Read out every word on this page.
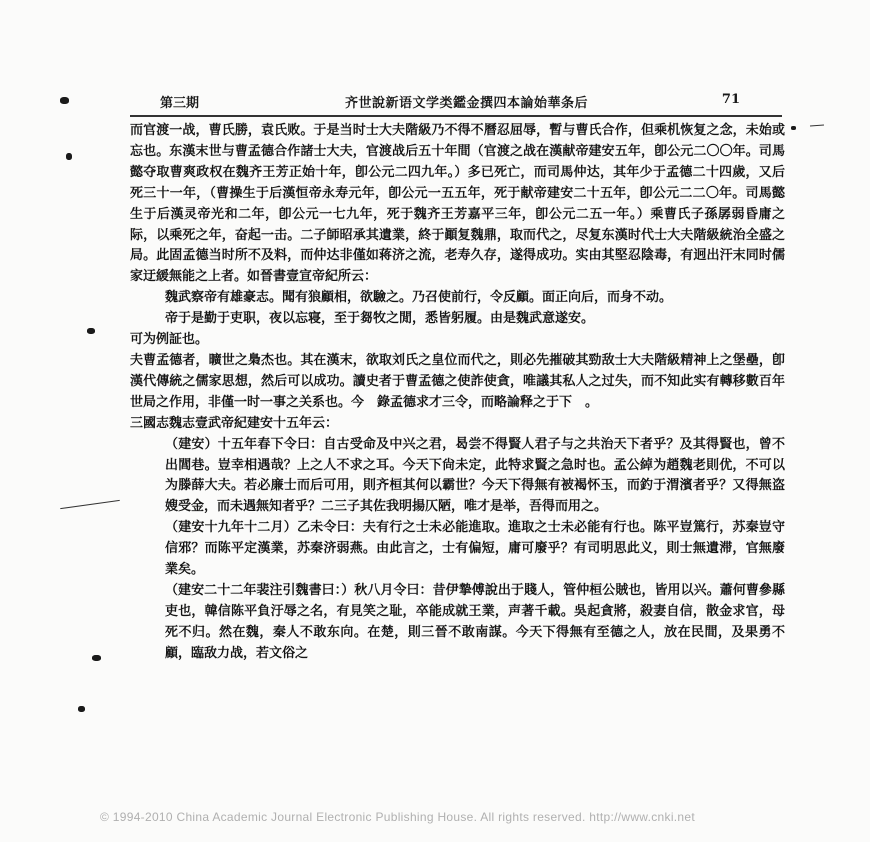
第三期	齐世說新语文学类鑑金撰四本論始華条后	71

而官渡一战，曹氏勝，袁氏败。于是当时士大夫階級乃不得不曆忍屈辱，暫与曹氏合作，但乘机恢复之念，未始或忘也。东漢末世与曹孟德合作諸士大夫，官渡战后五十年間（官渡之战在漢献帝建安五年，卽公元二〇〇年。司馬懿夺取曹爽政权在魏齐王芳正始十年，卽公元二四九年。）多已死亡，而司馬仲达，其年少于孟德二十四歲，又后死三十一年，（曹操生于后漢恒帝永寿元年，卽公元一五五年，死于献帝建安二十五年，卽公元二二〇年。司馬懿生于后漢灵帝光和二年，卽公元一七九年，死于魏齐王芳嘉平三年，卽公元二五一年。）乘曹氏子孫孱弱昏庸之际，以乘死之年，奋起一击。二子師昭承其遺業，終于顚复魏鼎，取而代之，尽复东漢时代士大夫階級統治全盛之局。此固孟德当时所不及料，而仲达非僅如蒋济之流，老寿久存，遂得成功。实由其堅忍陰毒，有迥出汗末同时儒家迂緩無能之上者。如晉書壹宣帝紀所云：

魏武察帝有雄豪志。聞有狼顧相，欲驗之。乃召使前行，令反顧。面正向后，而身不动。

帝于是勤于吏职，夜以忘寝，至于芻牧之閒，悉皆躬履。由是魏武意遂安。

可为例証也。

夫曹孟德者，曠世之梟杰也。其在漢末，欲取刘氏之皇位而代之，則必先摧破其勁敌士大夫階級精神上之堡壘，卽漢代傳統之儒家思想，然后可以成功。讀史者于曹孟德之使詐使貪，唯議其私人之过失，而不知此实有轉移數百年世局之作用，非僅一时一事之关系也。今　錄孟德求才三令，而略論释之于下　。

三國志魏志壹武帝紀建安十五年云：

（建安）十五年春下令曰：自古受命及中兴之君，曷尝不得賢人君子与之共治天下者乎？及其得賢也，曾不出閭巷。豈幸相遇哉？上之人不求之耳。今天下尙未定，此特求賢之急时也。孟公綽为趙魏老則优，不可以为滕薛大夫。若必廉士而后可用，則齐桓其何以霸世？今天下得無有被褐怀玉，而釣于渭濱者乎？又得無盗嫂受金，而未遇無知者乎？二三子其佐我明揚仄陋，唯才是举，吾得而用之。

（建安十九年十二月）乙未令曰：夫有行之士未必能進取。進取之士未必能有行也。陈平豈篤行，苏秦豈守信邪？而陈平定漢業，苏秦济弱燕。由此言之，士有偏短，庸可廢乎？有司明思此义，則士無遺滞，官無廢業矣。

（建安二十二年裴注引魏書曰：）秋八月令曰：昔伊摯傅說出于賤人，管仲桓公賊也，皆用以兴。蕭何曹參縣吏也，韓信陈平負汙辱之名，有見笑之耻，卒能成就王業，声著千載。吳起貪將，殺妻自信，散金求官，母死不归。然在魏，秦人不敢东向。在楚，則三晉不敢南謀。今天下得無有至德之人，放在民間，及果勇不顧，臨敌力战，若文俗之

© 1994-2010 China Academic Journal Electronic Publishing House. All rights reserved. http://www.cnki.net
